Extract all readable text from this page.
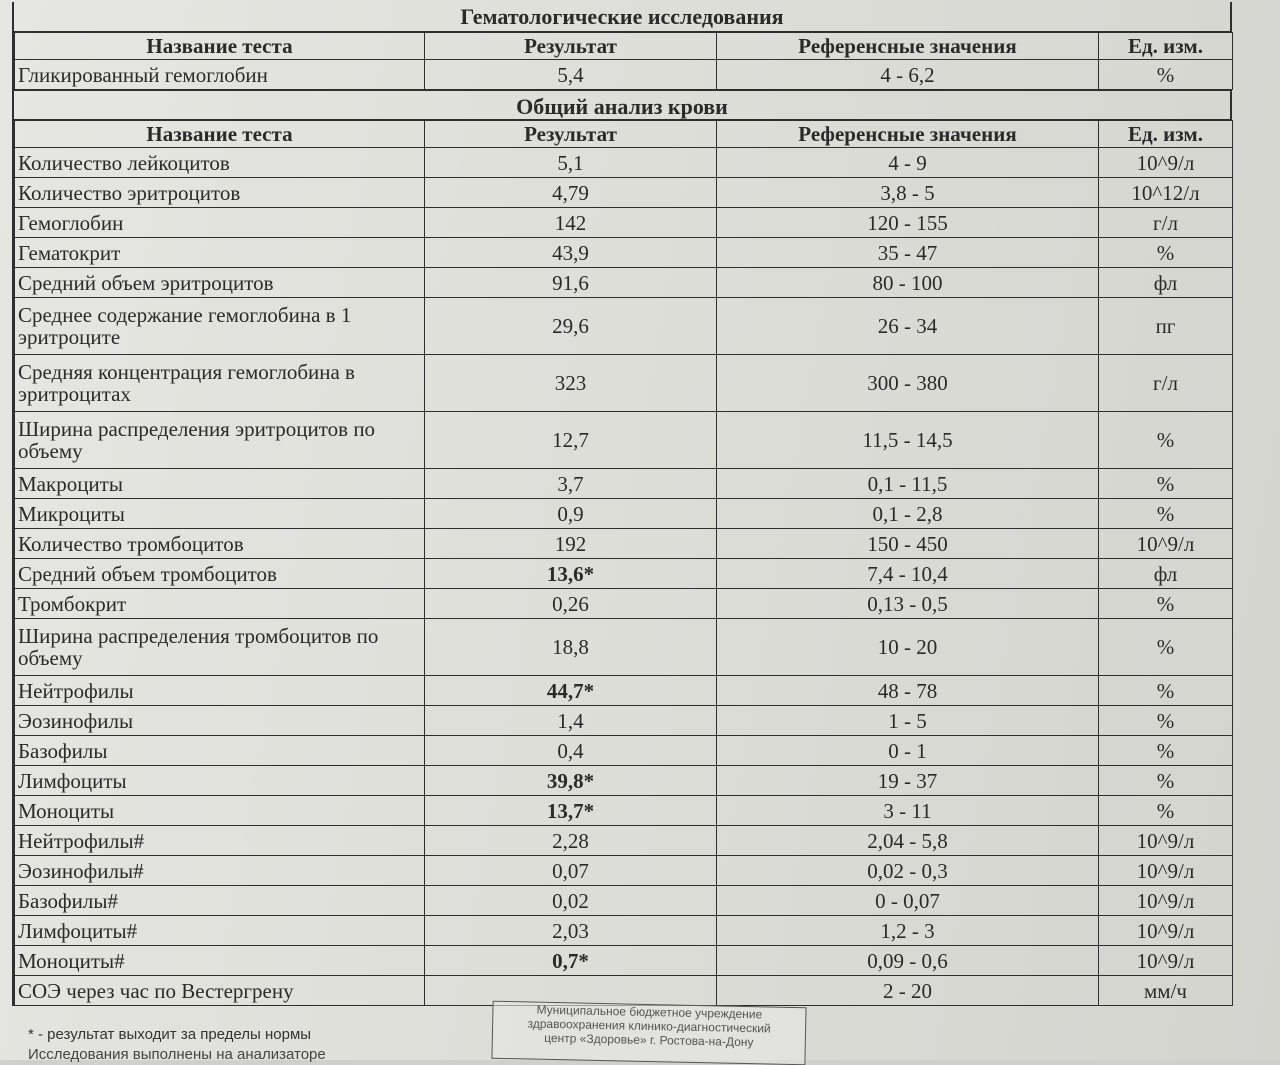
Гематологические исследования
Название теста	Результат	Референсные значения	Ед. изм.
Гликированный гемоглобин	5,4	4 - 6,2	%
Общий анализ крови
Название теста	Результат	Референсные значения	Ед. изм.
Количество лейкоцитов	5,1	4 - 9	10^9/л
Количество эритроцитов	4,79	3,8 - 5	10^12/л
Гемоглобин	142	120 - 155	г/л
Гематокрит	43,9	35 - 47	%
Средний объем эритроцитов	91,6	80 - 100	фл
Среднее содержание гемоглобина в 1 эритроците	29,6	26 - 34	пг
Средняя концентрация гемоглобина в эритроцитах	323	300 - 380	г/л
Ширина распределения эритроцитов по объему	12,7	11,5 - 14,5	%
Макроциты	3,7	0,1 - 11,5	%
Микроциты	0,9	0,1 - 2,8	%
Количество тромбоцитов	192	150 - 450	10^9/л
Средний объем тромбоцитов	13,6*	7,4 - 10,4	фл
Тромбокрит	0,26	0,13 - 0,5	%
Ширина распределения тромбоцитов по объему	18,8	10 - 20	%
Нейтрофилы	44,7*	48 - 78	%
Эозинофилы	1,4	1 - 5	%
Базофилы	0,4	0 - 1	%
Лимфоциты	39,8*	19 - 37	%
Моноциты	13,7*	3 - 11	%
Нейтрофилы#	2,28	2,04 - 5,8	10^9/л
Эозинофилы#	0,07	0,02 - 0,3	10^9/л
Базофилы#	0,02	0 - 0,07	10^9/л
Лимфоциты#	2,03	1,2 - 3	10^9/л
Моноциты#	0,7*	0,09 - 0,6	10^9/л
СОЭ через час по Вестергрену		2 - 20	мм/ч
* - результат выходит за пределы нормы
Исследования выполнены на анализаторе
Муниципальное бюджетное учреждение
здравоохранения клинико-диагностический
центр «Здоровье» г. Ростова-на-Дону
